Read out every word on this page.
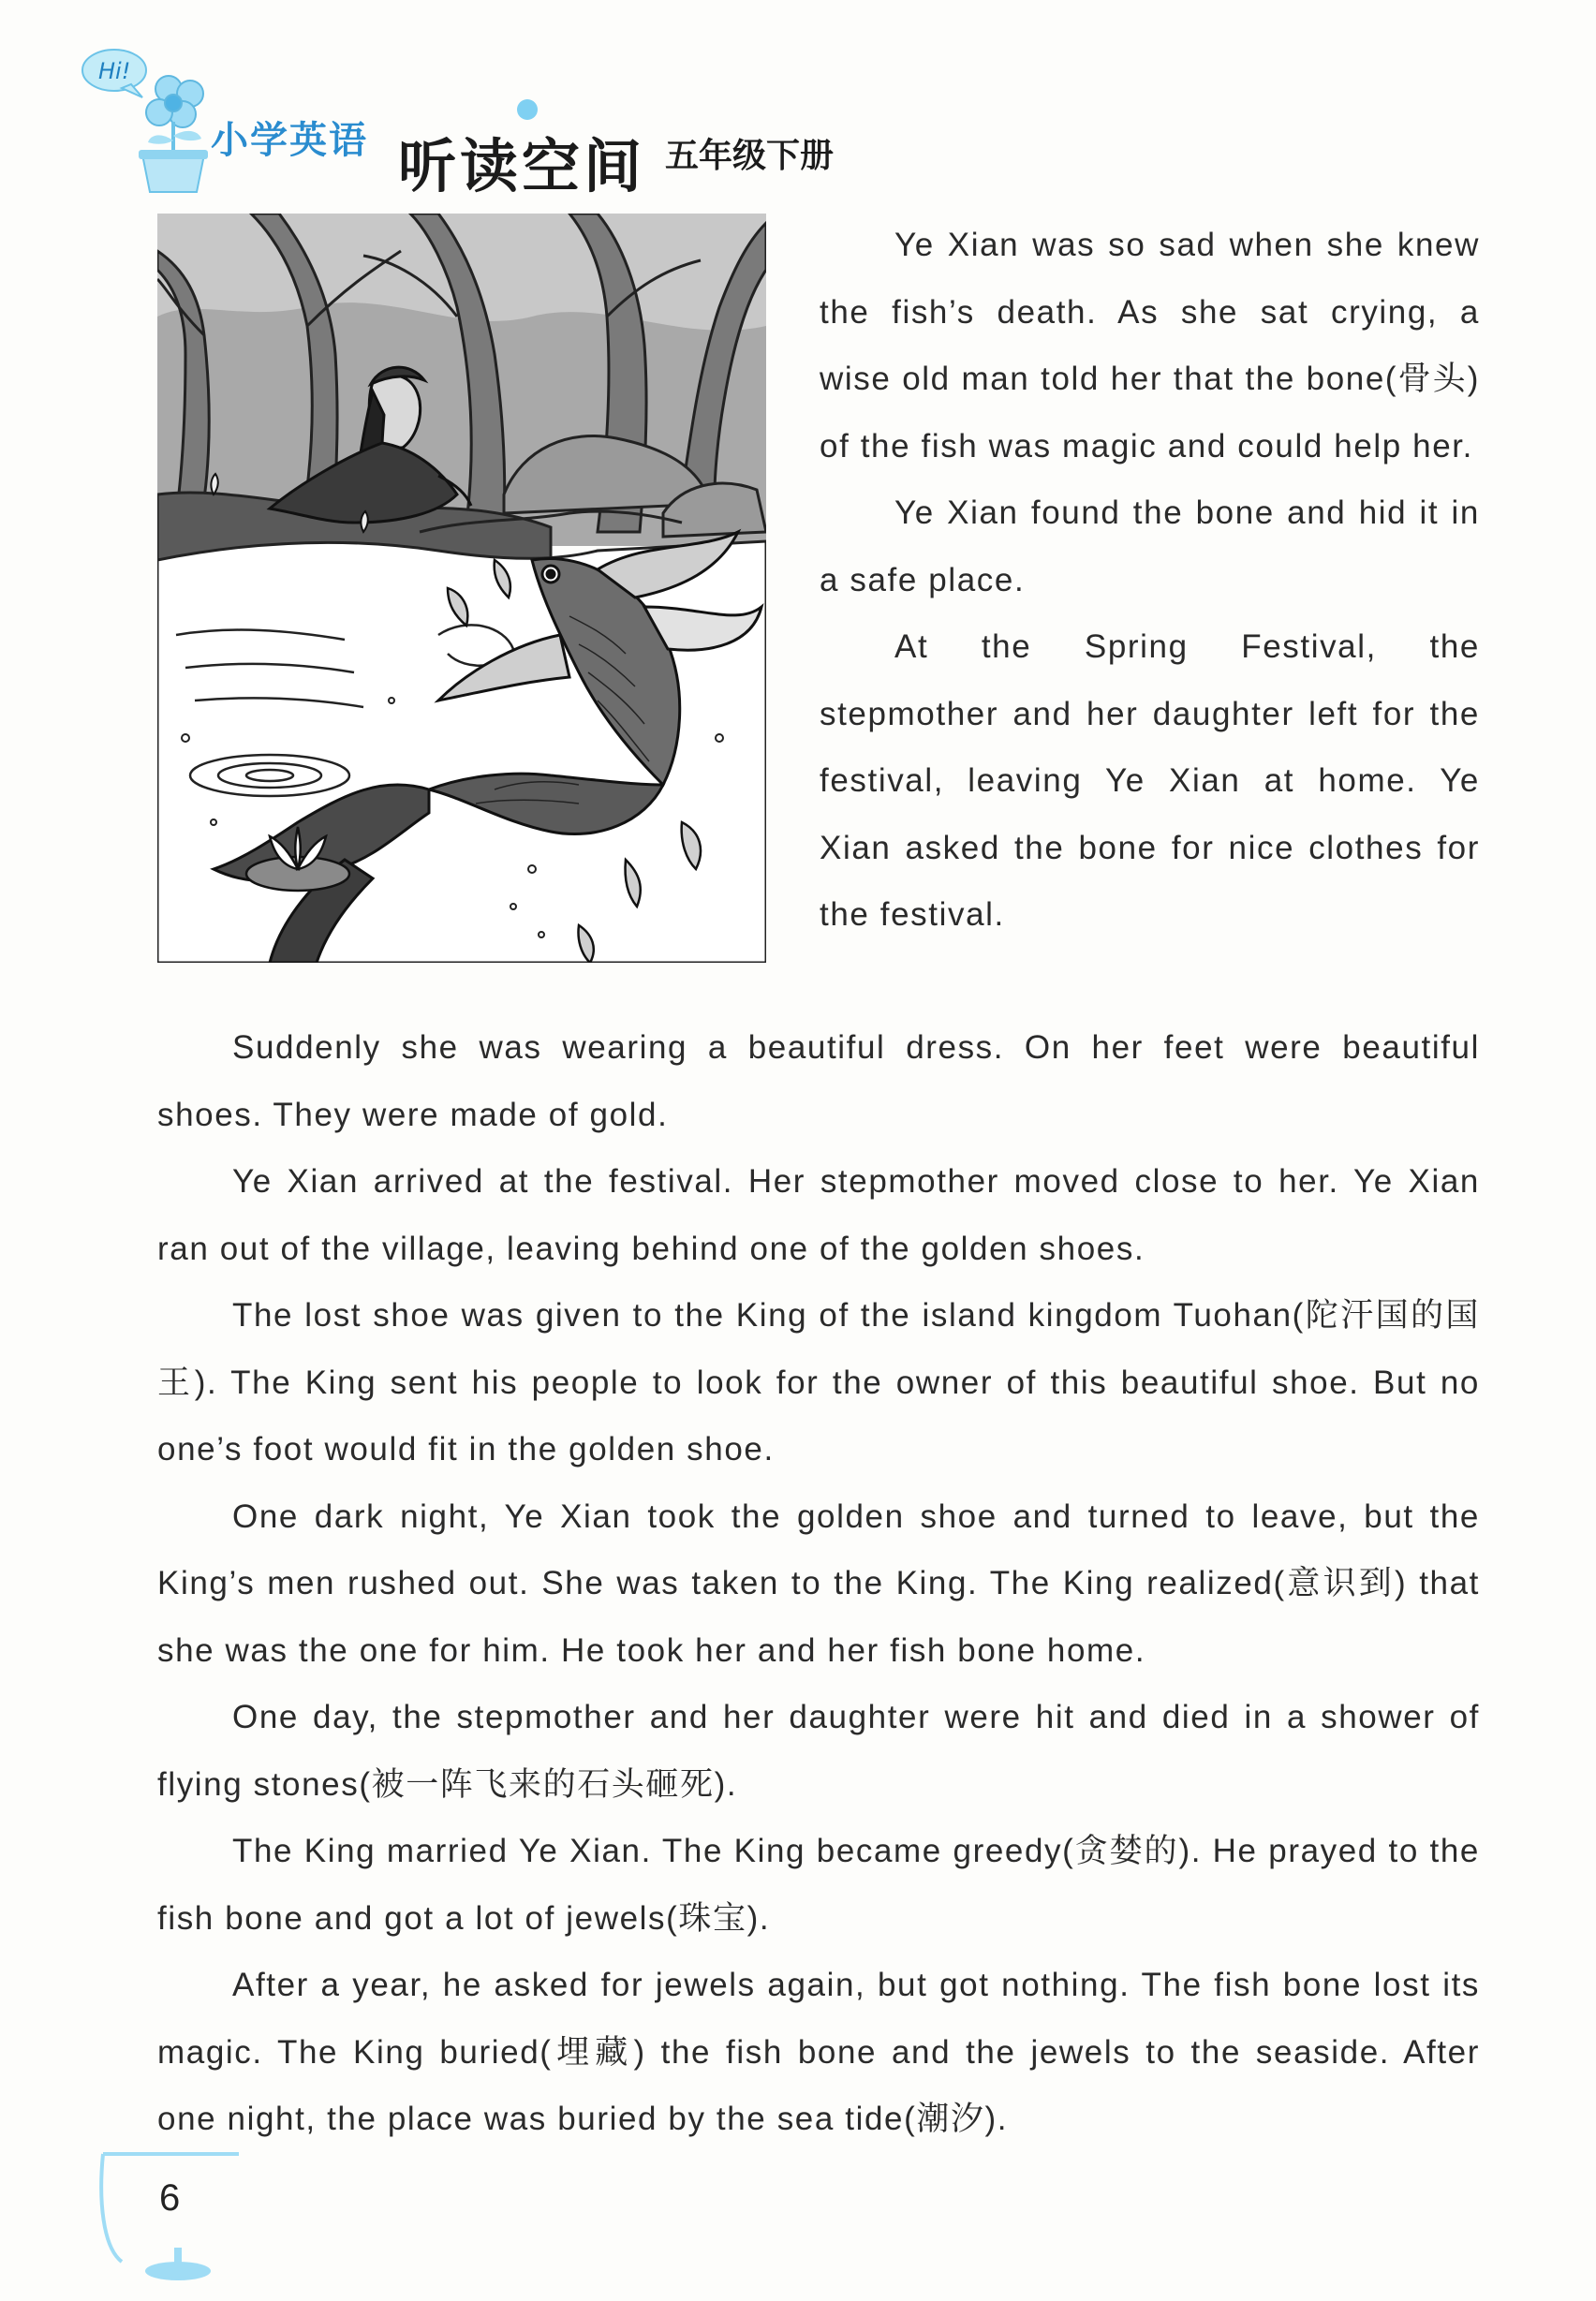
Hi!
小学英语 听读空间 五年级下册

Ye Xian was so sad when she knew the fish’s death. As she sat crying, a wise old man told her that the bone(骨头) of the fish was magic and could help her.

Ye Xian found the bone and hid it in a safe place.

At the Spring Festival, the stepmother and her daughter left for the festival, leaving Ye Xian at home. Ye Xian asked the bone for nice clothes for the festival.

Suddenly she was wearing a beautiful dress. On her feet were beautiful shoes. They were made of gold.

Ye Xian arrived at the festival. Her stepmother moved close to her. Ye Xian ran out of the village, leaving behind one of the golden shoes.

The lost shoe was given to the King of the island kingdom Tuohan(陀汗国的国王). The King sent his people to look for the owner of this beautiful shoe. But no one’s foot would fit in the golden shoe.

One dark night, Ye Xian took the golden shoe and turned to leave, but the King’s men rushed out. She was taken to the King. The King realized(意识到) that she was the one for him. He took her and her fish bone home.

One day, the stepmother and her daughter were hit and died in a shower of flying stones(被一阵飞来的石头砸死).

The King married Ye Xian. The King became greedy(贪婪的). He prayed to the fish bone and got a lot of jewels(珠宝).

After a year, he asked for jewels again, but got nothing. The fish bone lost its magic. The King buried(埋藏) the fish bone and the jewels to the seaside. After one night, the place was buried by the sea tide(潮汐).

6
